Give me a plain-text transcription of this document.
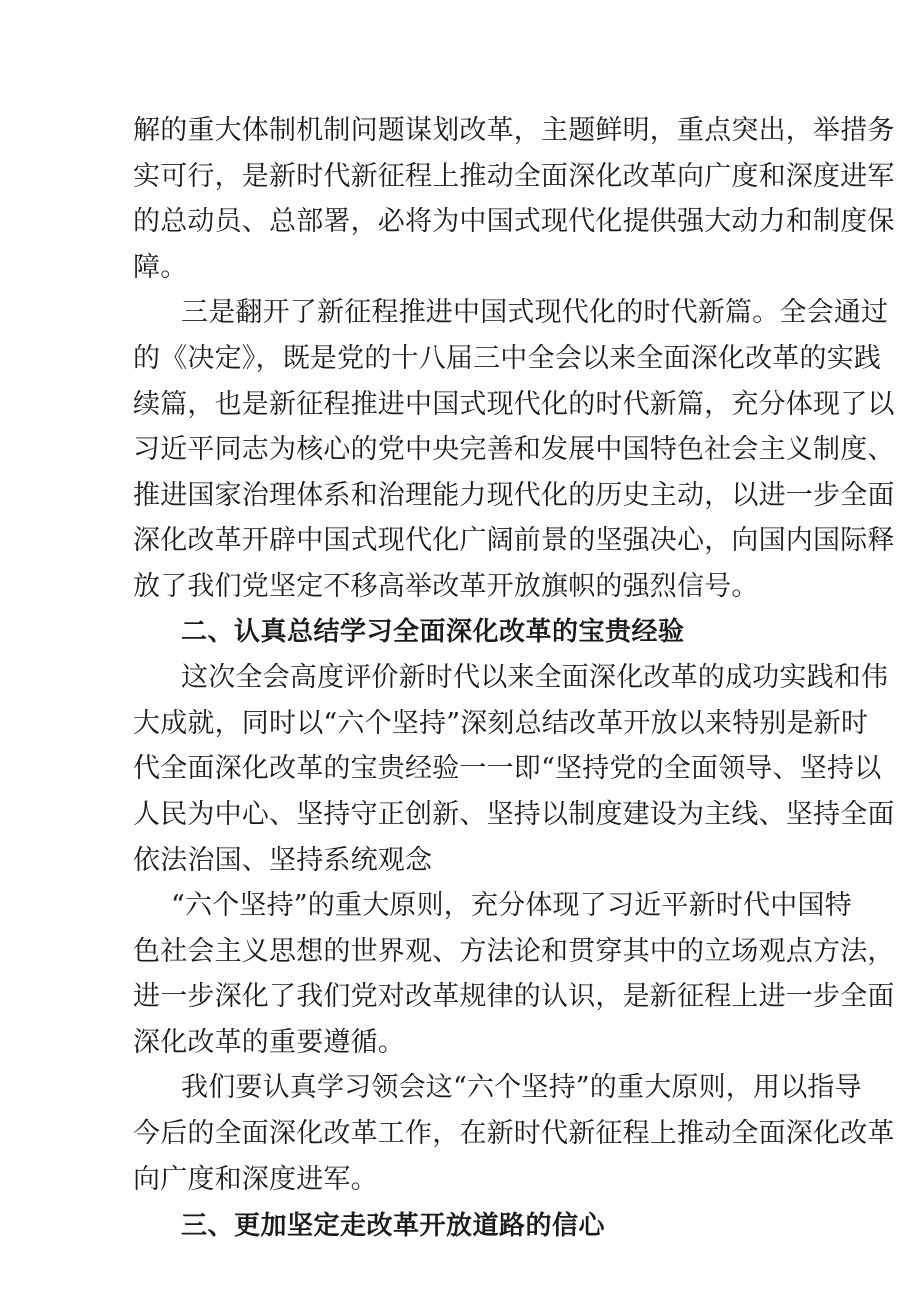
解的重大体制机制问题谋划改革，主题鲜明，重点突出，举措务

实可行，是新时代新征程上推动全面深化改革向广度和深度进军

的总动员、总部署，必将为中国式现代化提供强大动力和制度保

障。

三是翻开了新征程推进中国式现代化的时代新篇。全会通过

的《决定》，既是党的十八届三中全会以来全面深化改革的实践

续篇，也是新征程推进中国式现代化的时代新篇，充分体现了以

习近平同志为核心的党中央完善和发展中国特色社会主义制度、

推进国家治理体系和治理能力现代化的历史主动，以进一步全面

深化改革开辟中国式现代化广阔前景的坚强决心，向国内国际释

放了我们党坚定不移高举改革开放旗帜的强烈信号。

二、认真总结学习全面深化改革的宝贵经验

这次全会高度评价新时代以来全面深化改革的成功实践和伟

大成就，同时以“六个坚持”深刻总结改革开放以来特别是新时

代全面深化改革的宝贵经验一一即“坚持党的全面领导、坚持以

人民为中心、坚持守正创新、坚持以制度建设为主线、坚持全面

依法治国、坚持系统观念

“六个坚持”的重大原则，充分体现了习近平新时代中国特

色社会主义思想的世界观、方法论和贯穿其中的立场观点方法，

进一步深化了我们党对改革规律的认识，是新征程上进一步全面

深化改革的重要遵循。

我们要认真学习领会这“六个坚持”的重大原则，用以指导

今后的全面深化改革工作，在新时代新征程上推动全面深化改革

向广度和深度进军。

三、更加坚定走改革开放道路的信心
